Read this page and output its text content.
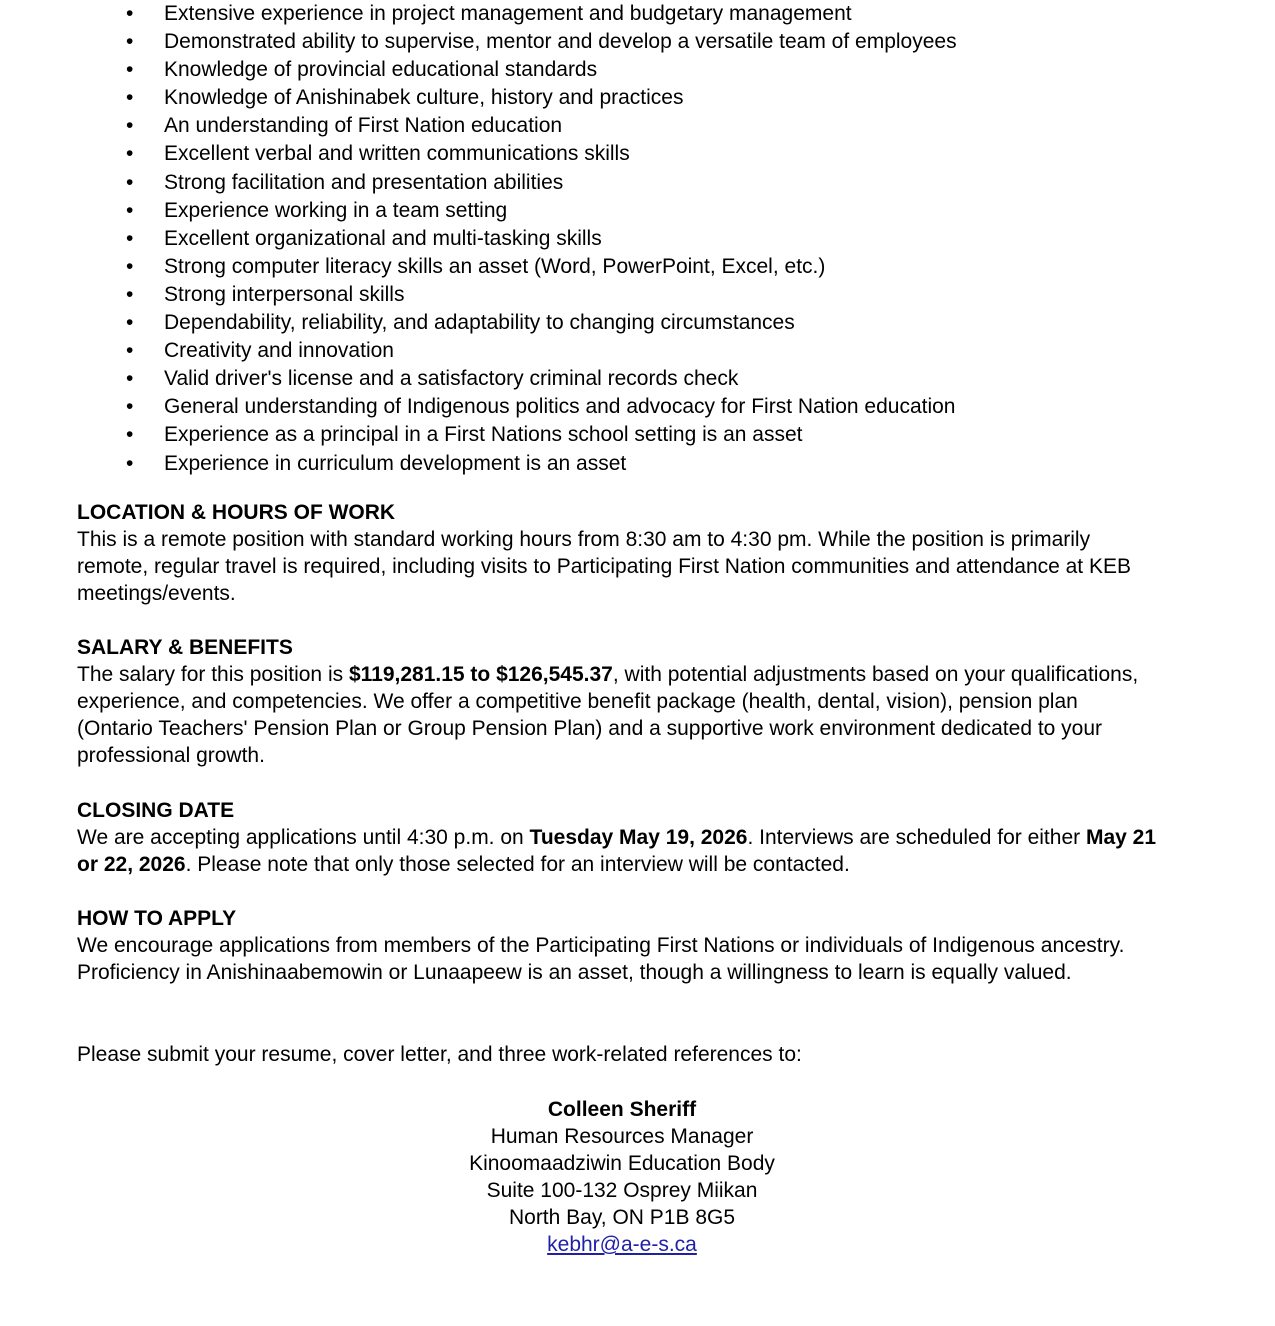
•	Extensive experience in project management and budgetary management
•	Demonstrated ability to supervise, mentor and develop a versatile team of employees
•	Knowledge of provincial educational standards
•	Knowledge of Anishinabek culture, history and practices
•	An understanding of First Nation education
•	Excellent verbal and written communications skills
•	Strong facilitation and presentation abilities
•	Experience working in a team setting
•	Excellent organizational and multi-tasking skills
•	Strong computer literacy skills an asset (Word, PowerPoint, Excel, etc.)
•	Strong interpersonal skills
•	Dependability, reliability, and adaptability to changing circumstances
•	Creativity and innovation
•	Valid driver's license and a satisfactory criminal records check
•	General understanding of Indigenous politics and advocacy for First Nation education
•	Experience as a principal in a First Nations school setting is an asset
•	Experience in curriculum development is an asset
LOCATION & HOURS OF WORK
This is a remote position with standard working hours from 8:30 am to 4:30 pm. While the position is primarily remote, regular travel is required, including visits to Participating First Nation communities and attendance at KEB meetings/events.
SALARY & BENEFITS
The salary for this position is $119,281.15 to $126,545.37, with potential adjustments based on your qualifications, experience, and competencies. We offer a competitive benefit package (health, dental, vision), pension plan (Ontario Teachers' Pension Plan or Group Pension Plan) and a supportive work environment dedicated to your professional growth.
CLOSING DATE
We are accepting applications until 4:30 p.m. on Tuesday May 19, 2026. Interviews are scheduled for either May 21 or 22, 2026. Please note that only those selected for an interview will be contacted.
HOW TO APPLY
We encourage applications from members of the Participating First Nations or individuals of Indigenous ancestry. Proficiency in Anishinaabemowin or Lunaapeew is an asset, though a willingness to learn is equally valued.
Please submit your resume, cover letter, and three work-related references to:
Colleen Sheriff
Human Resources Manager
Kinoomaadziwin Education Body
Suite 100-132 Osprey Miikan
North Bay, ON P1B 8G5
kebhr@a-e-s.ca
